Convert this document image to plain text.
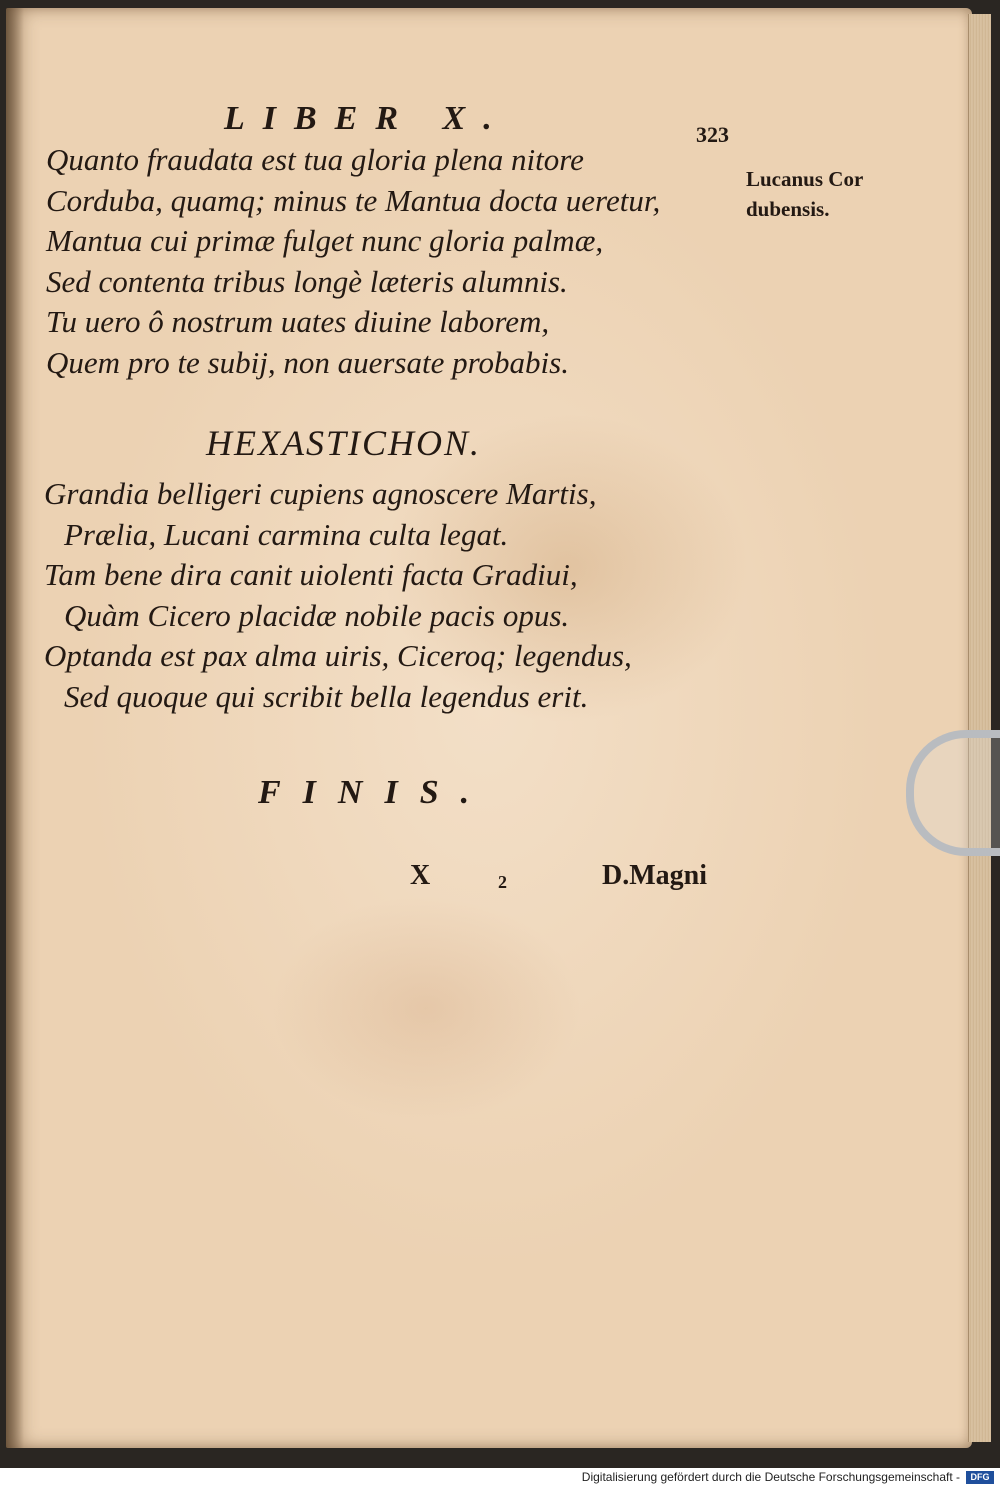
LIBER X.	323
Lucanus Cor
dubensis.
Quanto fraudata est tua gloria plena nitore
Corduba, quamq; minus te Mantua docta ueretur,
Mantua cui primæ fulget nunc gloria palmæ,
Sed contenta tribus longè læteris alumnis.
Tu uero ô nostrum uates diuine laborem,
Quem pro te subij, non auersate probabis.
HEXASTICHON.
Grandia belligeri cupiens agnoscere Martis,
Prælia, Lucani carmina culta legat.
Tam bene dira canit uiolenti facta Gradiui,
Quàm Cicero placidæ nobile pacis opus.
Optanda est pax alma uiris, Ciceroq; legendus,
Sed quoque qui scribit bella legendus erit.
FINIS.
X	2	D.Magni
Digitalisierung gefördert durch die Deutsche Forschungsgemeinschaft -	DFG
